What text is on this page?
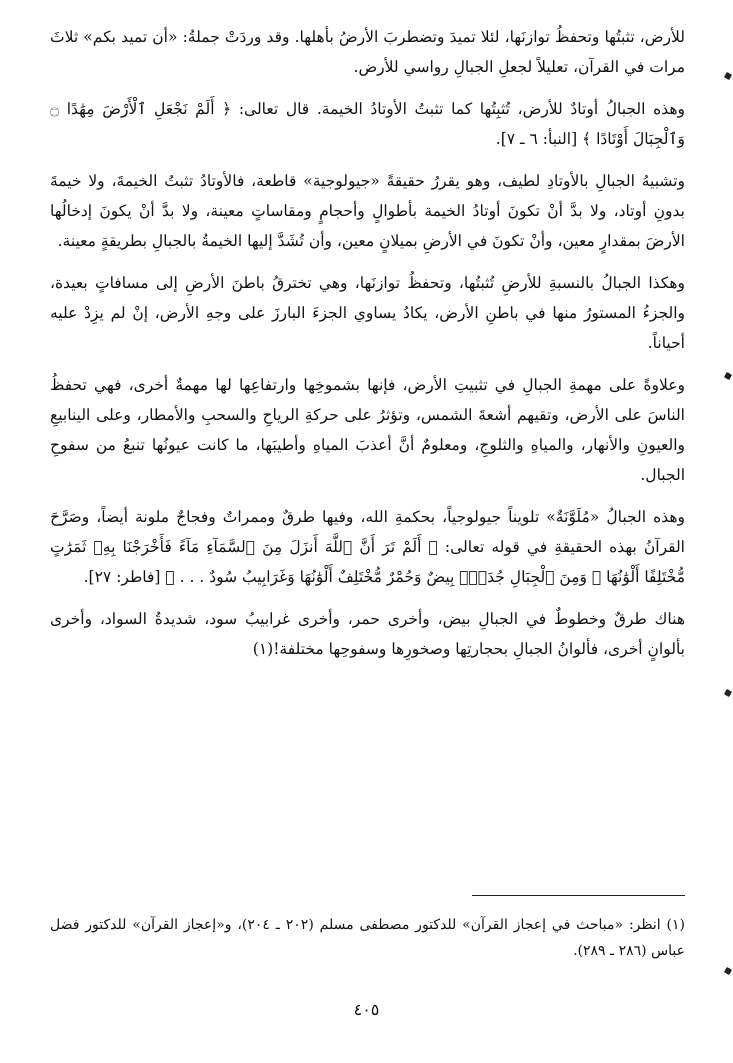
للأرض، تثبتُها وتحفظُ توازنَها، لئلا تميدَ وتضطربَ الأرضُ بأهلها. وقد وردَتْ جملةُ: «أن تميد بكم» ثلاثَ مرات في القرآن، تعليلاً لجعلِ الجبالِ رواسي للأرض.

وهذه الجبالُ أوتادٌ للأرض، تُثبِتُها كما تثبتُ الأوتادُ الخيمة. قال تعالى: ﴿ أَلَمْ نَجْعَلِ ٱلْأَرْضَ مِهَٰدًا ۝ وَٱلْجِبَالَ أَوْتَادًا ﴾ [النبأ: ٦ ـ ٧].

وتشبيهُ الجبالِ بالأوتادِ لطيف، وهو يقررُ حقيقةً «جيولوجية» قاطعة، فالأوتادُ تثبتُ الخيمةَ، ولا خيمةَ بدونِ أوتاد، ولا بدَّ أنْ تكونَ أوتادُ الخيمة بأطوالٍ وأحجامٍ ومقاساتٍ معينة، ولا بدَّ أنْ يكونَ إدخالُها الأرضَ بمقدارٍ معين، وأنْ تكونَ في الأرضِ بميلانٍ معين، وأن تُشَدَّ إليها الخيمةُ بالجبالِ بطريقةٍ معينة.

وهكذا الجبالُ بالنسبةِ للأرضِ تُثبتُها، وتحفظُ توازنَها، وهي تخترقُ باطنَ الأرضِ إلى مسافاتٍ بعيدة، والجزءُ المستورُ منها في باطنِ الأرض، يكادُ يساوي الجزءَ البارزَ على وجهِ الأرض، إنْ لم يزِدْ عليه أحياناً.

وعلاوةً على مهمةِ الجبالِ في تثبيتِ الأرض، فإنها بشموخِها وارتفاعِها لها مهمةٌ أخرى، فهي تحفظُ الناسَ على الأرض، وتقيهم أشعةَ الشمس، وتؤثرُ على حركةِ الرياحِ والسحبِ والأمطار، وعلى الينابيعِ والعيونِ والأنهار، والمياهِ والثلوجِ، ومعلومٌ أنَّ أعذبَ المياهِ وأطيبَها، ما كانت عيونُها تنبعُ من سفوحِ الجبال.

وهذه الجبالُ «مُلَوَّنَةٌ» تلويناً جيولوجياً، بحكمةِ الله، وفيها طرقٌ وممراتٌ وفجاجٌ ملونة أيضاً، وصَرَّحَ القرآنُ بهذه الحقيقةِ في قوله تعالى: ﴿ أَلَمْ تَرَ أَنَّ ٱللَّهَ أَنزَلَ مِنَ ٱلسَّمَآءِ مَآءً فَأَخْرَجْنَا بِهِۦ ثَمَرَٰتٍ مُّخْتَلِفًا أَلْوَٰنُهَا ۚ وَمِنَ ٱلْجِبَالِ جُدَدٌۢ بِيضٌ وَحُمْرٌ مُّخْتَلِفٌ أَلْوَٰنُهَا وَغَرَابِيبُ سُودٌ . . . ﴾ [فاطر: ٢٧].

هناك طرقٌ وخطوطٌ في الجبالِ بيض، وأخرى حمر، وأخرى غرابيبُ سود، شديدةُ السواد، وأخرى بألوانٍ أخرى، فألوانُ الجبالِ بحجارتِها وصخورِها وسفوحِها مختلفة!(١)

(١) انظر: «مباحث في إعجاز القرآن» للدكتور مصطفى مسلم (٢٠٢ ـ ٢٠٤)، و«إعجاز القرآن» للدكتور فضل عباس (٢٨٦ ـ ٢٨٩).
٤٠٥
